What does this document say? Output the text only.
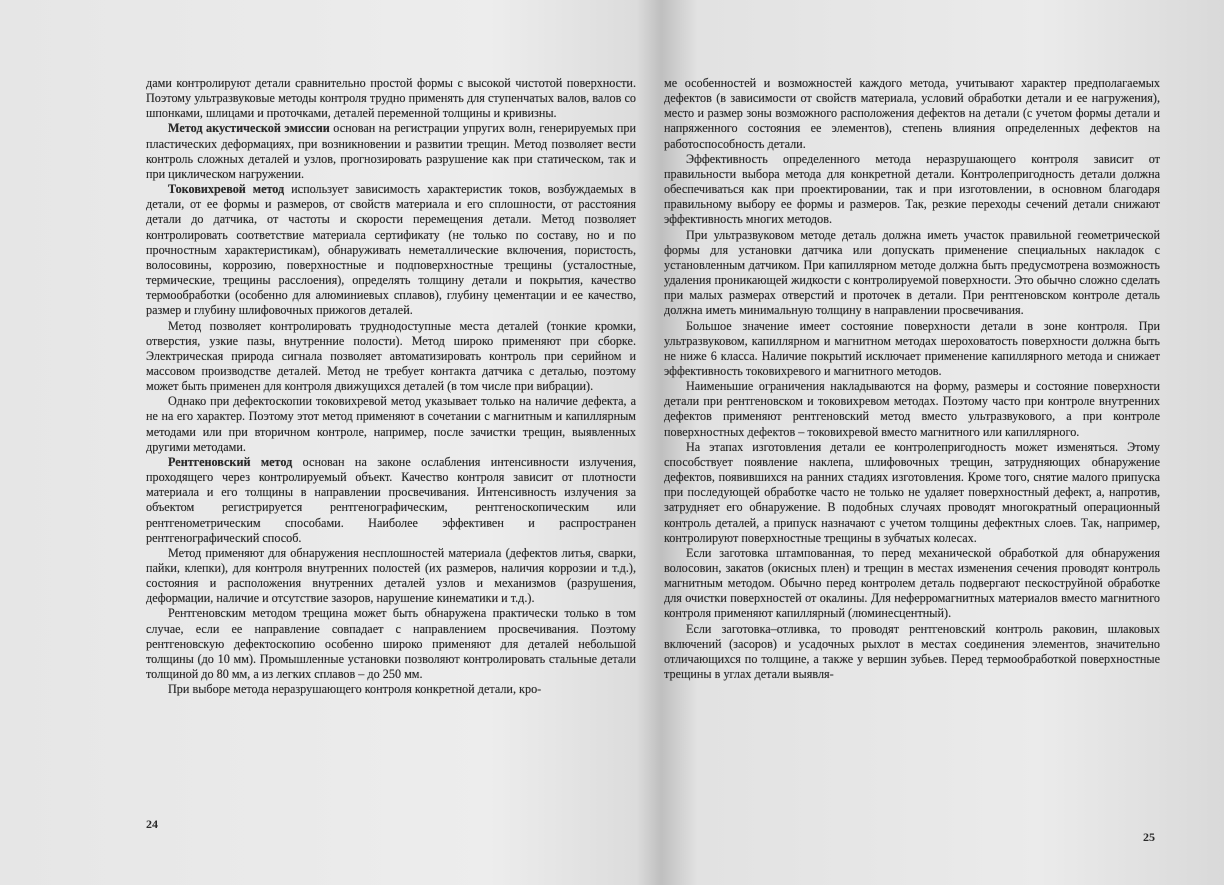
дами контролируют детали сравнительно простой формы с высокой чистотой поверхности. Поэтому ультразвуковые методы контроля трудно применять для ступенчатых валов, валов со шпонками, шлицами и проточками, деталей переменной толщины и кривизны.

Метод акустической эмиссии основан на регистрации упругих волн, генерируемых при пластических деформациях, при возникновении и развитии трещин. Метод позволяет вести контроль сложных деталей и узлов, прогнозировать разрушение как при статическом, так и при циклическом нагружении.

Токовихревой метод использует зависимость характеристик токов, возбуждаемых в детали, от ее формы и размеров, от свойств материала и его сплошности, от расстояния детали до датчика, от частоты и скорости перемещения детали. Метод позволяет контролировать соответствие материала сертификату (не только по составу, но и по прочностным характеристикам), обнаруживать неметаллические включения, пористость, волосовины, коррозию, поверхностные и подповерхностные трещины (усталостные, термические, трещины расслоения), определять толщину детали и покрытия, качество термообработки (особенно для алюминиевых сплавов), глубину цементации и ее качество, размер и глубину шлифовочных прижогов деталей.

Метод позволяет контролировать труднодоступные места деталей (тонкие кромки, отверстия, узкие пазы, внутренние полости). Метод широко применяют при сборке. Электрическая природа сигнала позволяет автоматизировать контроль при серийном и массовом производстве деталей. Метод не требует контакта датчика с деталью, поэтому может быть применен для контроля движущихся деталей (в том числе при вибрации).

Однако при дефектоскопии токовихревой метод указывает только на наличие дефекта, а не на его характер. Поэтому этот метод применяют в сочетании с магнитным и капиллярным методами или при вторичном контроле, например, после зачистки трещин, выявленных другими методами.

Рентгеновский метод основан на законе ослабления интенсивности излучения, проходящего через контролируемый объект. Качество контроля зависит от плотности материала и его толщины в направлении просвечивания. Интенсивность излучения за объектом регистрируется рентгенографическим, рентгеноскопическим или рентгенометрическим способами. Наиболее эффективен и распространен рентгенографический способ.

Метод применяют для обнаружения несплошностей материала (дефектов литья, сварки, пайки, клепки), для контроля внутренних полостей (их размеров, наличия коррозии и т.д.), состояния и расположения внутренних деталей узлов и механизмов (разрушения, деформации, наличие и отсутствие зазоров, нарушение кинематики и т.д.).

Рентгеновским методом трещина может быть обнаружена практически только в том случае, если ее направление совпадает с направлением просвечивания. Поэтому рентгеновскую дефектоскопию особенно широко применяют для деталей небольшой толщины (до 10 мм). Промышленные установки позволяют контролировать стальные детали толщиной до 80 мм, а из легких сплавов – до 250 мм.

При выборе метода неразрушающего контроля конкретной детали, кро-

24

ме особенностей и возможностей каждого метода, учитывают характер предполагаемых дефектов (в зависимости от свойств материала, условий обработки детали и ее нагружения), место и размер зоны возможного расположения дефектов на детали (с учетом формы детали и напряженного состояния ее элементов), степень влияния определенных дефектов на работоспособность детали.

Эффективность определенного метода неразрушающего контроля зависит от правильности выбора метода для конкретной детали. Контролепригодность детали должна обеспечиваться как при проектировании, так и при изготовлении, в основном благодаря правильному выбору ее формы и размеров. Так, резкие переходы сечений детали снижают эффективность многих методов.

При ультразвуковом методе деталь должна иметь участок правильной геометрической формы для установки датчика или допускать применение специальных накладок с установленным датчиком. При капиллярном методе должна быть предусмотрена возможность удаления проникающей жидкости с контролируемой поверхности. Это обычно сложно сделать при малых размерах отверстий и проточек в детали. При рентгеновском контроле деталь должна иметь минимальную толщину в направлении просвечивания.

Большое значение имеет состояние поверхности детали в зоне контроля. При ультразвуковом, капиллярном и магнитном методах шероховатость поверхности должна быть не ниже 6 класса. Наличие покрытий исключает применение капиллярного метода и снижает эффективность токовихревого и магнитного методов.

Наименьшие ограничения накладываются на форму, размеры и состояние поверхности детали при рентгеновском и токовихревом методах. Поэтому часто при контроле внутренних дефектов применяют рентгеновский метод вместо ультразвукового, а при контроле поверхностных дефектов – токовихревой вместо магнитного или капиллярного.

На этапах изготовления детали ее контролепригодность может изменяться. Этому способствует появление наклепа, шлифовочных трещин, затрудняющих обнаружение дефектов, появившихся на ранних стадиях изготовления. Кроме того, снятие малого припуска при последующей обработке часто не только не удаляет поверхностный дефект, а, напротив, затрудняет его обнаружение. В подобных случаях проводят многократный операционный контроль деталей, а припуск назначают с учетом толщины дефектных слоев. Так, например, контролируют поверхностные трещины в зубчатых колесах.

Если заготовка штампованная, то перед механической обработкой для обнаружения волосовин, закатов (окисных плен) и трещин в местах изменения сечения проводят контроль магнитным методом. Обычно перед контролем деталь подвергают пескоструйной обработке для очистки поверхностей от окалины. Для неферромагнитных материалов вместо магнитного контроля применяют капиллярный (люминесцентный).

Если заготовка–отливка, то проводят рентгеновский контроль раковин, шлаковых включений (засоров) и усадочных рыхлот в местах соединения элементов, значительно отличающихся по толщине, а также у вершин зубьев. Перед термообработкой поверхностные трещины в углах детали выявля-

25
